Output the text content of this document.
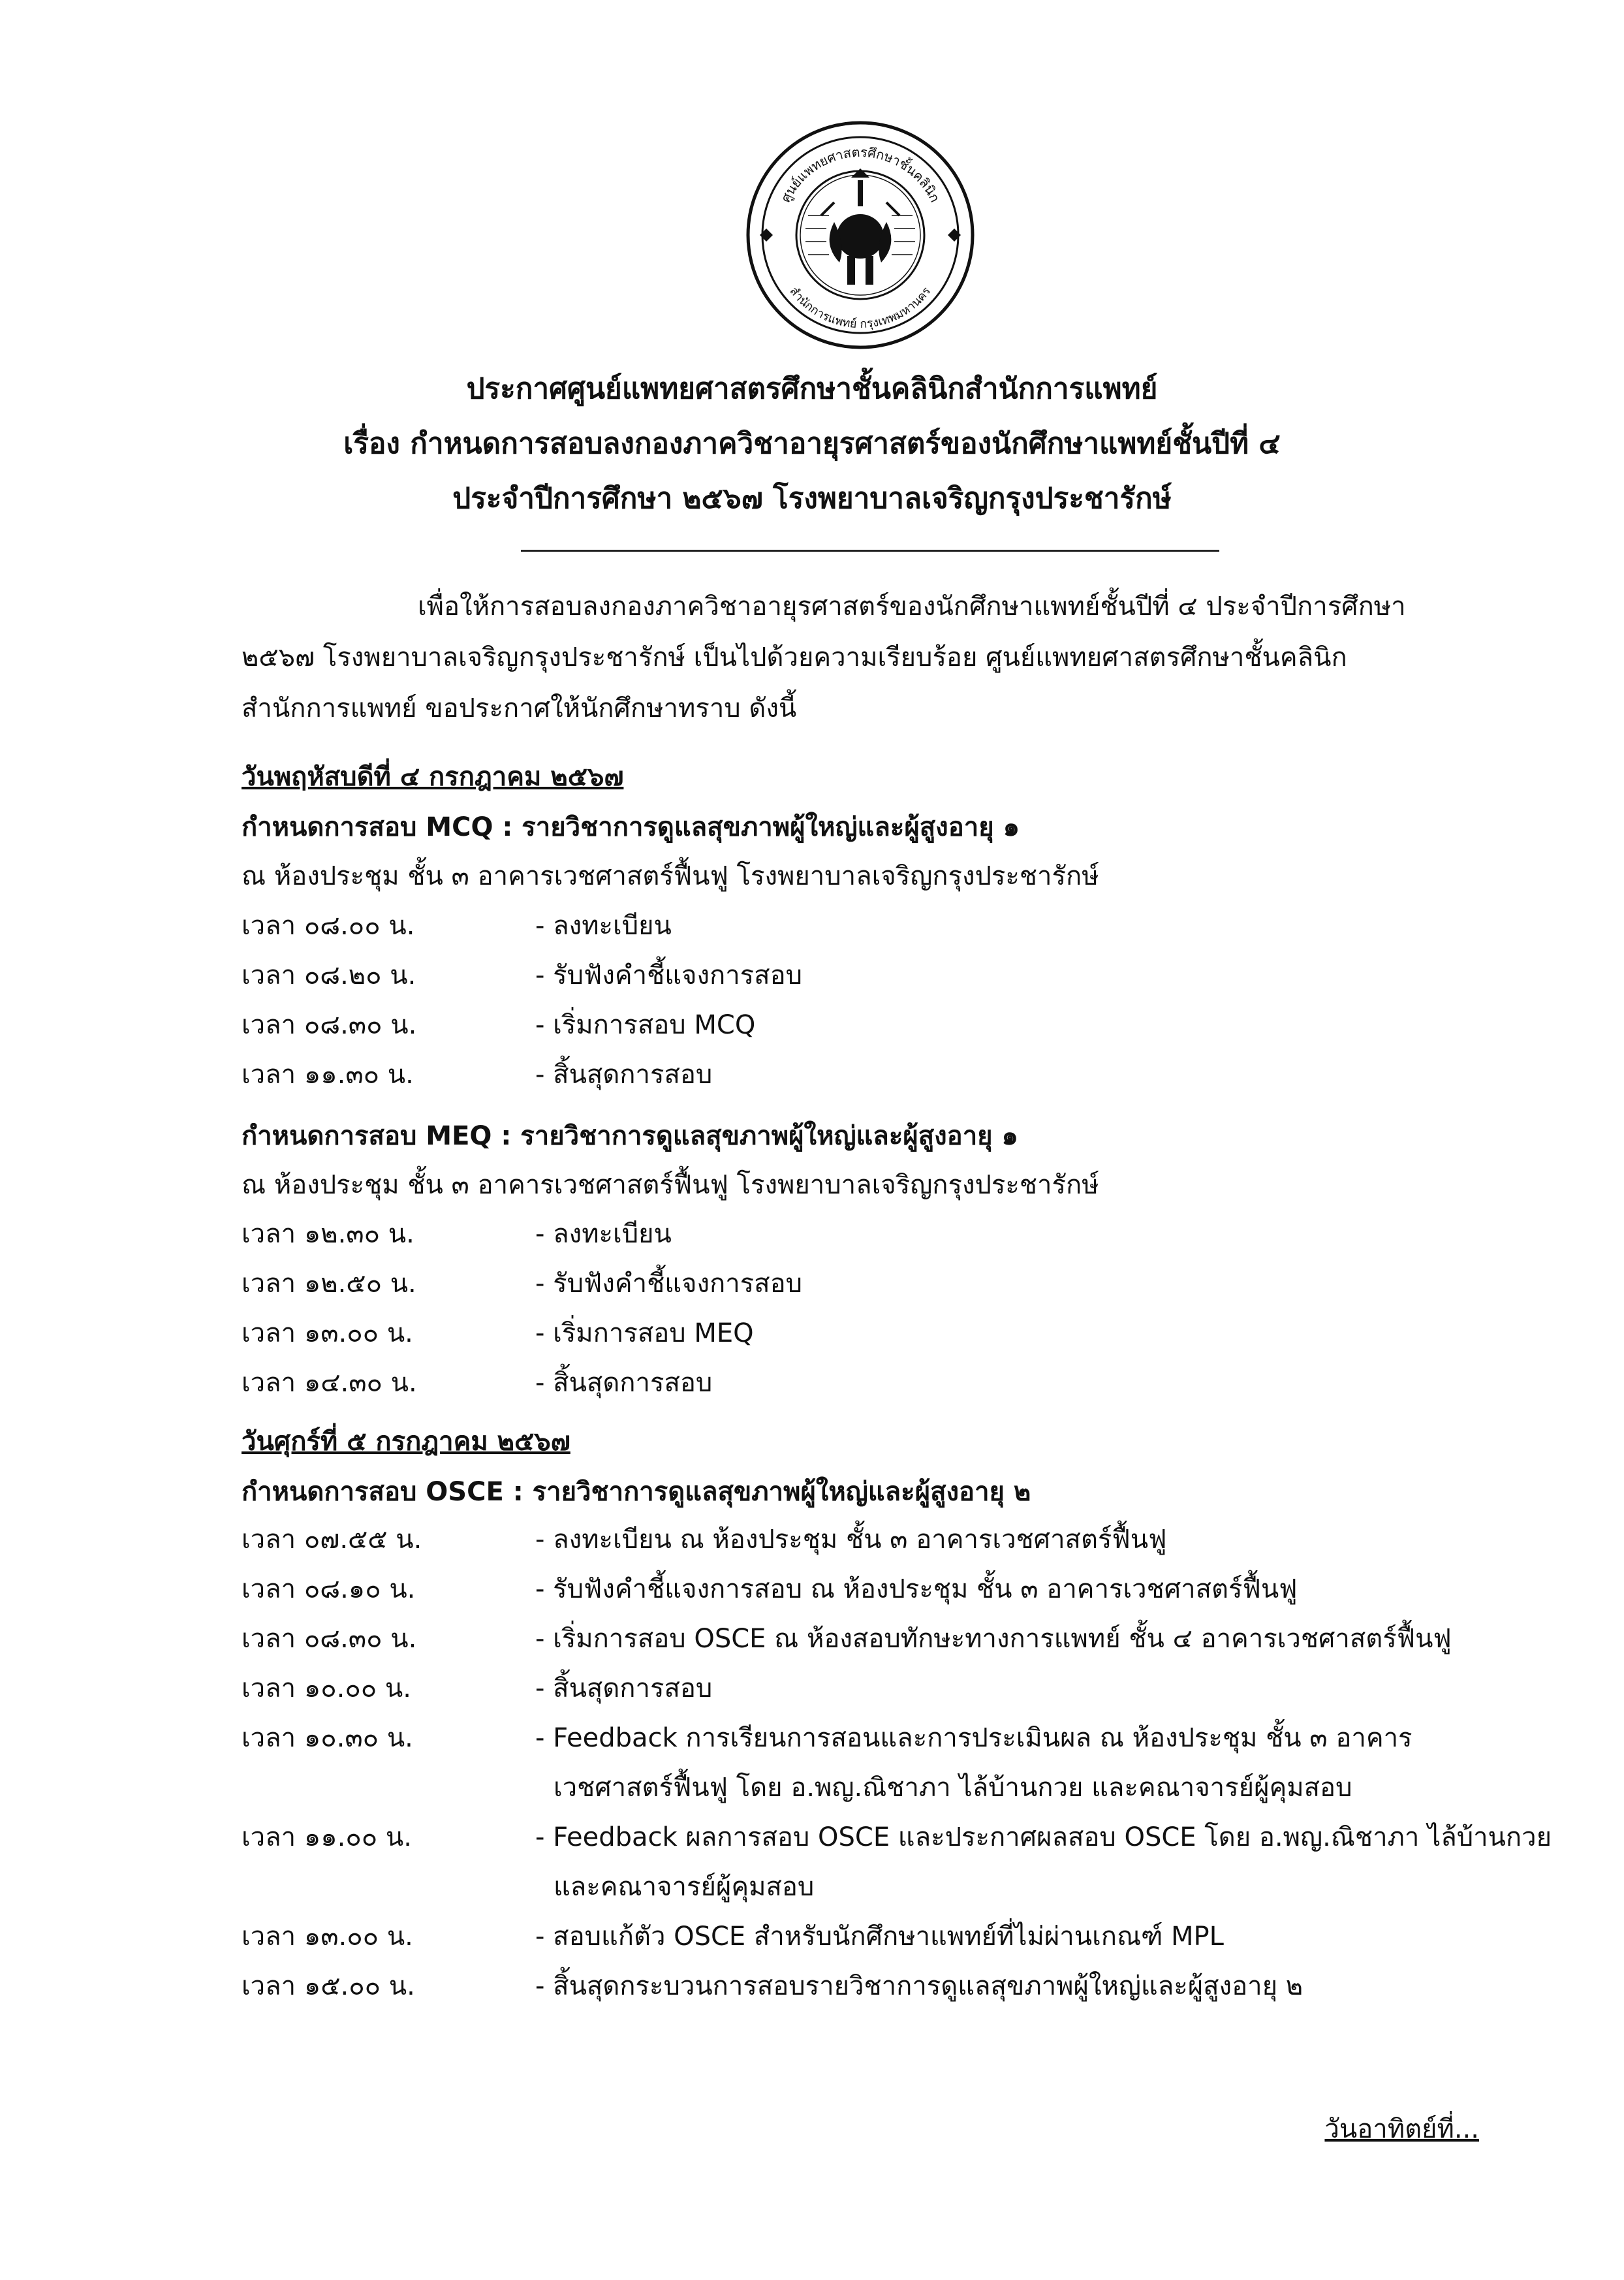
ศูนย์แพทยศาสตรศึกษาชั้นคลินิก
สำนักการแพทย์ กรุงเทพมหานคร
ประกาศศูนย์แพทยศาสตรศึกษาชั้นคลินิกสำนักการแพทย์
เรื่อง กำหนดการสอบลงกองภาควิชาอายุรศาสตร์ของนักศึกษาแพทย์ชั้นปีที่ ๔
ประจำปีการศึกษา ๒๕๖๗ โรงพยาบาลเจริญกรุงประชารักษ์
เพื่อให้การสอบลงกองภาควิชาอายุรศาสตร์ของนักศึกษาแพทย์ชั้นปีที่ ๔ ประจำปีการศึกษา
๒๕๖๗ โรงพยาบาลเจริญกรุงประชารักษ์ เป็นไปด้วยความเรียบร้อย ศูนย์แพทยศาสตรศึกษาชั้นคลินิก
สำนักการแพทย์ ขอประกาศให้นักศึกษาทราบ ดังนี้
วันพฤหัสบดีที่ ๔ กรกฎาคม ๒๕๖๗
กำหนดการสอบ MCQ : รายวิชาการดูแลสุขภาพผู้ใหญ่และผู้สูงอายุ ๑
ณ ห้องประชุม ชั้น ๓ อาคารเวชศาสตร์ฟื้นฟู โรงพยาบาลเจริญกรุงประชารักษ์
เวลา ๐๘.๐๐ น.	- ลงทะเบียน
เวลา ๐๘.๒๐ น.	- รับฟังคำชี้แจงการสอบ
เวลา ๐๘.๓๐ น.	- เริ่มการสอบ MCQ
เวลา ๑๑.๓๐ น.	- สิ้นสุดการสอบ
กำหนดการสอบ MEQ : รายวิชาการดูแลสุขภาพผู้ใหญ่และผู้สูงอายุ ๑
ณ ห้องประชุม ชั้น ๓ อาคารเวชศาสตร์ฟื้นฟู โรงพยาบาลเจริญกรุงประชารักษ์
เวลา ๑๒.๓๐ น.	- ลงทะเบียน
เวลา ๑๒.๕๐ น.	- รับฟังคำชี้แจงการสอบ
เวลา ๑๓.๐๐ น.	- เริ่มการสอบ MEQ
เวลา ๑๔.๓๐ น.	- สิ้นสุดการสอบ
วันศุกร์ที่ ๕ กรกฎาคม ๒๕๖๗
กำหนดการสอบ OSCE : รายวิชาการดูแลสุขภาพผู้ใหญ่และผู้สูงอายุ ๒
เวลา ๐๗.๕๕ น.	- ลงทะเบียน ณ ห้องประชุม ชั้น ๓ อาคารเวชศาสตร์ฟื้นฟู
เวลา ๐๘.๑๐ น.	- รับฟังคำชี้แจงการสอบ ณ ห้องประชุม ชั้น ๓ อาคารเวชศาสตร์ฟื้นฟู
เวลา ๐๘.๓๐ น.	- เริ่มการสอบ OSCE ณ ห้องสอบทักษะทางการแพทย์ ชั้น ๔ อาคารเวชศาสตร์ฟื้นฟู
เวลา ๑๐.๐๐ น.	- สิ้นสุดการสอบ
เวลา ๑๐.๓๐ น.	- Feedback การเรียนการสอนและการประเมินผล ณ ห้องประชุม ชั้น ๓ อาคาร
เวชศาสตร์ฟื้นฟู โดย อ.พญ.ณิชาภา ไล้บ้านกวย และคณาจารย์ผู้คุมสอบ
เวลา ๑๑.๐๐ น.	- Feedback ผลการสอบ OSCE และประกาศผลสอบ OSCE โดย อ.พญ.ณิชาภา ไล้บ้านกวย
และคณาจารย์ผู้คุมสอบ
เวลา ๑๓.๐๐ น.	- สอบแก้ตัว OSCE สำหรับนักศึกษาแพทย์ที่ไม่ผ่านเกณฑ์ MPL
เวลา ๑๕.๐๐ น.	- สิ้นสุดกระบวนการสอบรายวิชาการดูแลสุขภาพผู้ใหญ่และผู้สูงอายุ ๒
วันอาทิตย์ที่...
